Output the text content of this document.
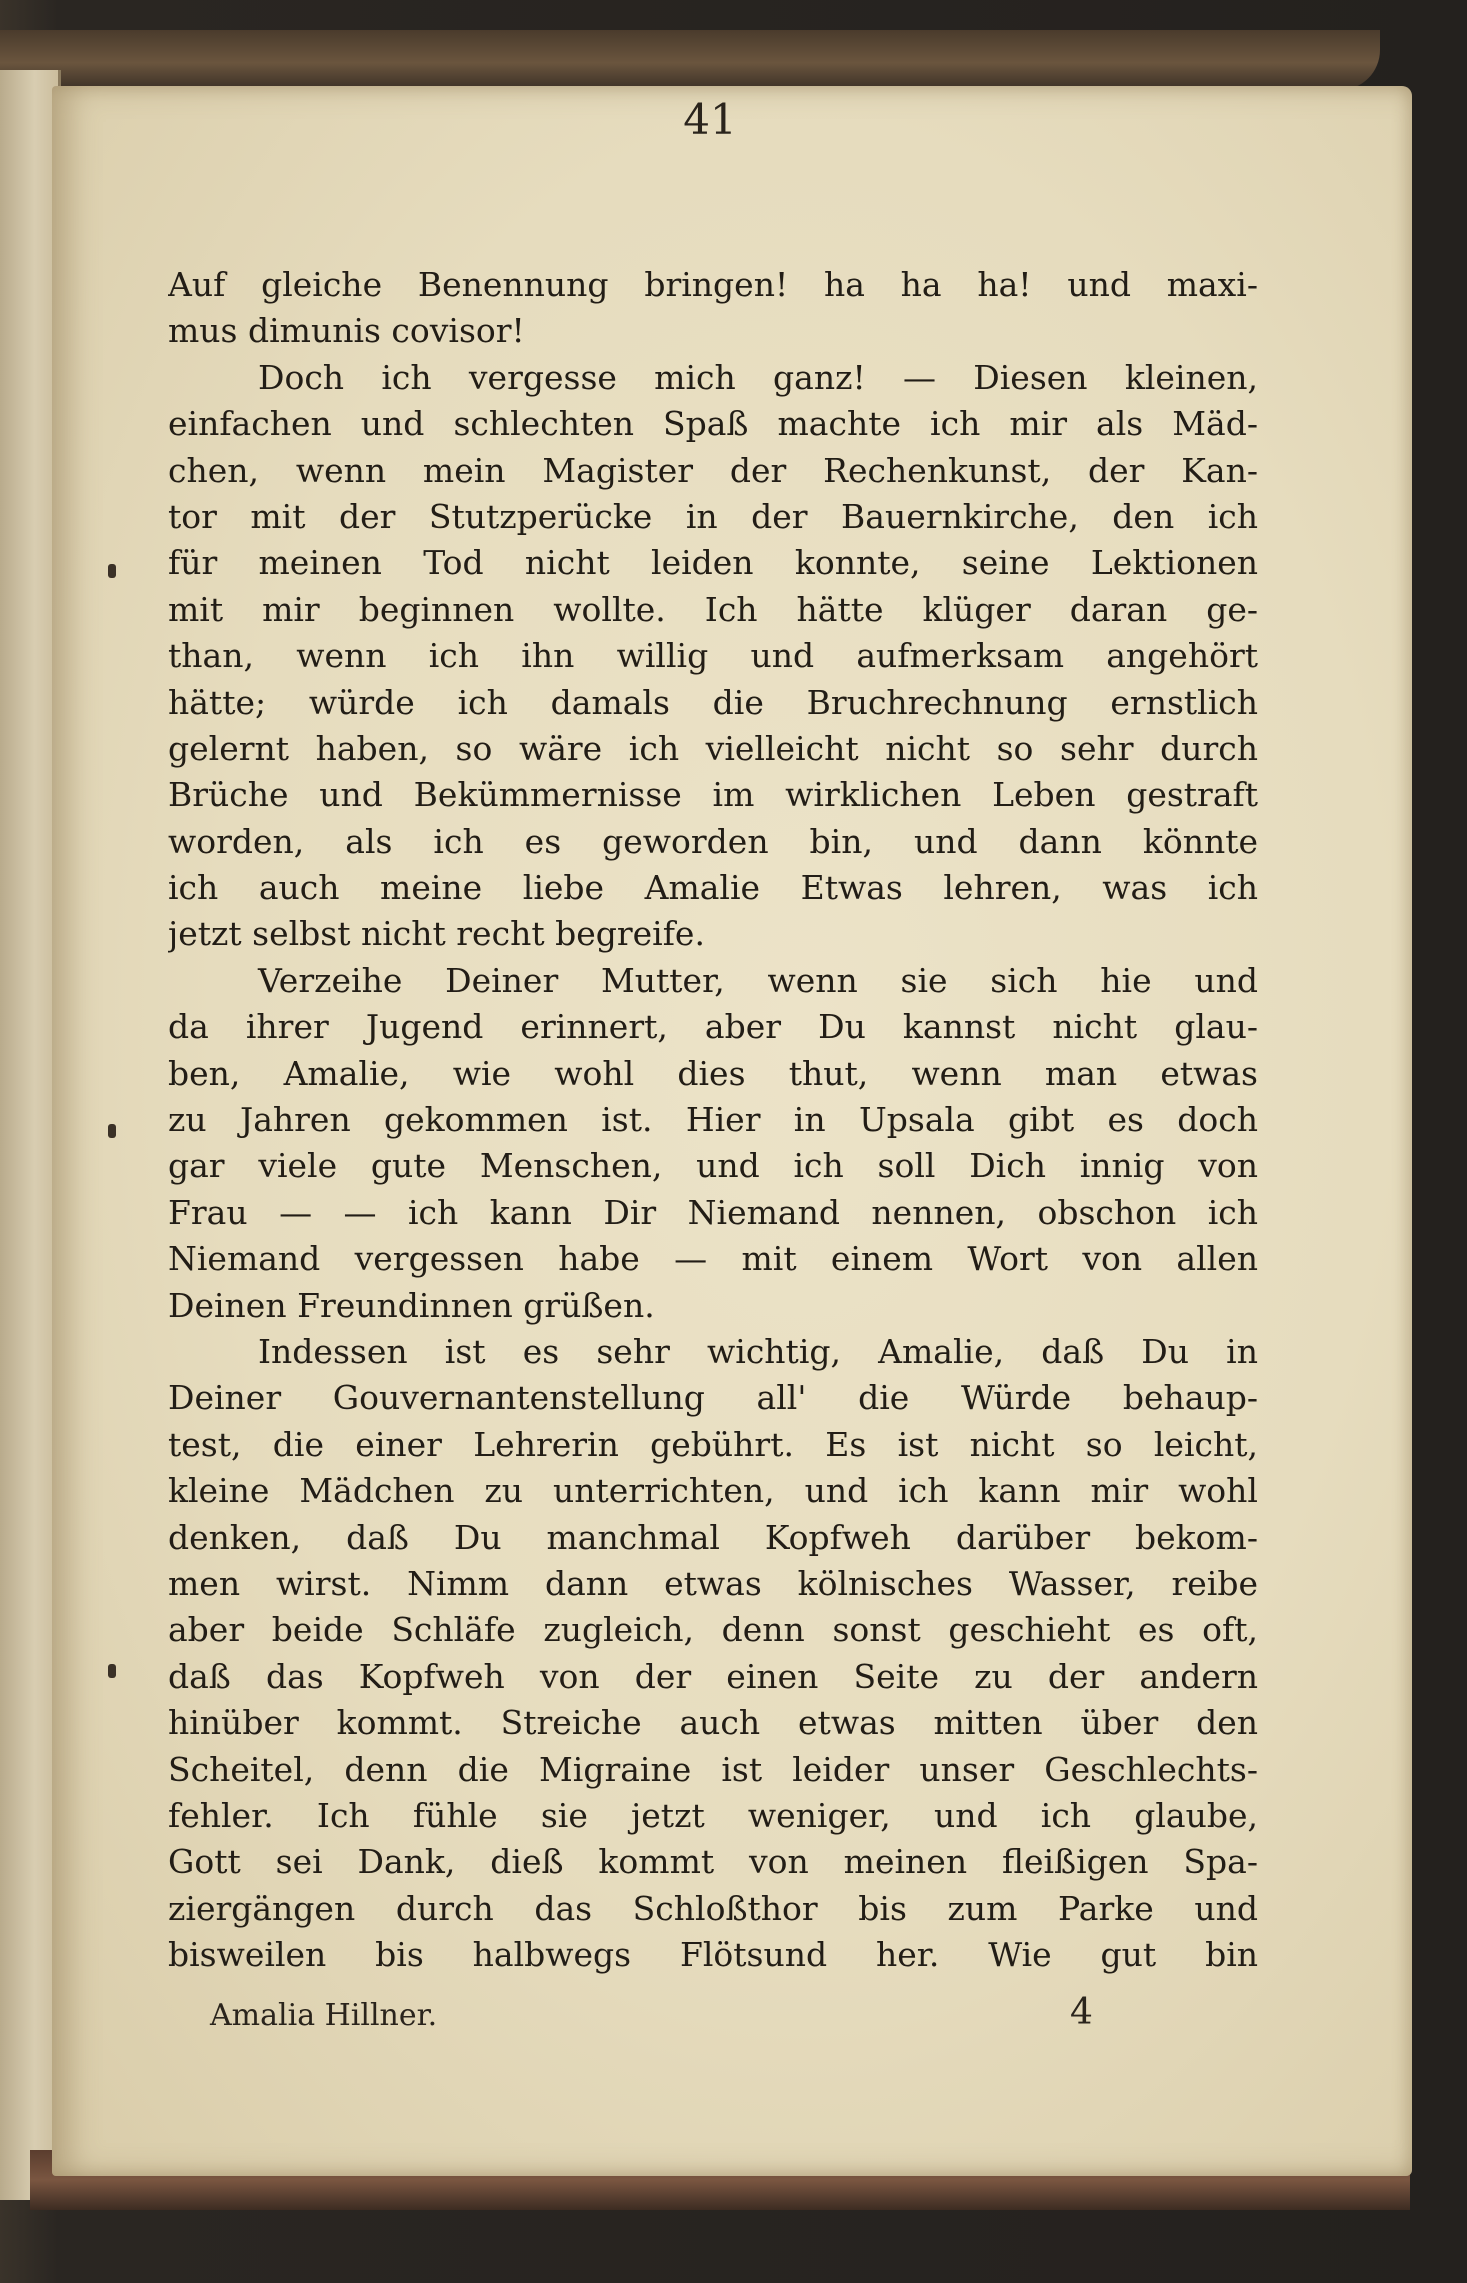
41
Auf gleiche Benennung bringen! ha ha ha! und maxi-
mus dimunis covisor!
Doch ich vergesse mich ganz! — Diesen kleinen,
einfachen und schlechten Spaß machte ich mir als Mäd-
chen, wenn mein Magister der Rechenkunst, der Kan-
tor mit der Stutzperücke in der Bauernkirche, den ich
für meinen Tod nicht leiden konnte, seine Lektionen
mit mir beginnen wollte. Ich hätte klüger daran ge-
than, wenn ich ihn willig und aufmerksam angehört
hätte; würde ich damals die Bruchrechnung ernstlich
gelernt haben, so wäre ich vielleicht nicht so sehr durch
Brüche und Bekümmernisse im wirklichen Leben gestraft
worden, als ich es geworden bin, und dann könnte
ich auch meine liebe Amalie Etwas lehren, was ich
jetzt selbst nicht recht begreife.
Verzeihe Deiner Mutter, wenn sie sich hie und
da ihrer Jugend erinnert, aber Du kannst nicht glau-
ben, Amalie, wie wohl dies thut, wenn man etwas
zu Jahren gekommen ist. Hier in Upsala gibt es doch
gar viele gute Menschen, und ich soll Dich innig von
Frau — — ich kann Dir Niemand nennen, obschon ich
Niemand vergessen habe — mit einem Wort von allen
Deinen Freundinnen grüßen.
Indessen ist es sehr wichtig, Amalie, daß Du in
Deiner Gouvernantenstellung all' die Würde behaup-
test, die einer Lehrerin gebührt. Es ist nicht so leicht,
kleine Mädchen zu unterrichten, und ich kann mir wohl
denken, daß Du manchmal Kopfweh darüber bekom-
men wirst. Nimm dann etwas kölnisches Wasser, reibe
aber beide Schläfe zugleich, denn sonst geschieht es oft,
daß das Kopfweh von der einen Seite zu der andern
hinüber kommt. Streiche auch etwas mitten über den
Scheitel, denn die Migraine ist leider unser Geschlechts-
fehler. Ich fühle sie jetzt weniger, und ich glaube,
Gott sei Dank, dieß kommt von meinen fleißigen Spa-
ziergängen durch das Schloßthor bis zum Parke und
bisweilen bis halbwegs Flötsund her. Wie gut bin
Amalia Hillner.	4
